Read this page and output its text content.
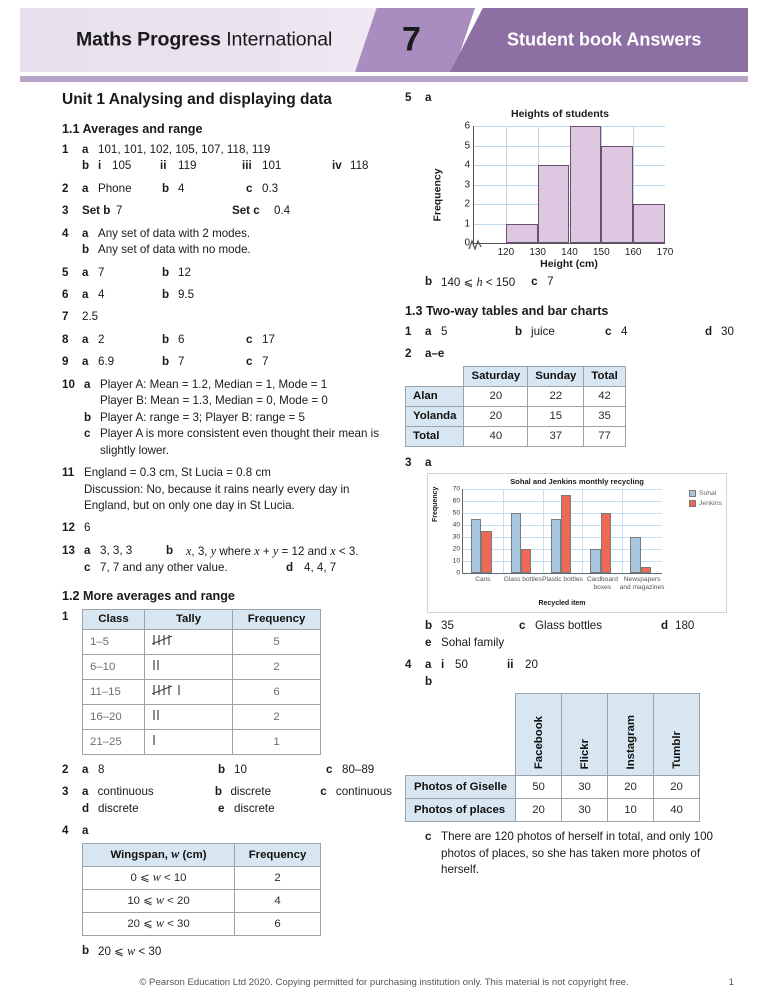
Maths Progress International 7	Student book Answers
Unit 1 Analysing and displaying data
1.1 Averages and range
1	a 101, 101, 102, 105, 107, 118, 119
b i 105	ii 119	iii 101	iv 118
2	a Phone	b 4	c 0.3
3	Set b 7	Set c	0.4
4	a Any set of data with 2 modes.
b Any set of data with no mode.
5	a 7	b 12
6	a 4	b 9.5
7	2.5
8	a 2	b 6	c 17
9	a 6.9	b 7	c 7
10 a Player A: Mean = 1.2, Median = 1, Mode = 1
Player B: Mean = 1.3, Median = 0, Mode = 0
b Player A: range = 3; Player B: range = 5
c Player A is more consistent even thought their mean is slightly lower.
11 England = 0.3 cm, St Lucia = 0.8 cm
Discussion: No, because it rains nearly every day in England, but on only one day in St Lucia.
12 6
13 a 3, 3, 3	b	x, 3, y where x + y = 12 and x < 3.
c 7, 7 and any other value.	d 4, 4, 7
1.2 More averages and range
1	Class	Tally	Frequency
1–5		5
6–10		2
11–15		6
16–20		2
21–25		1
2	a 8	b 10	c 80–89
3	a continuous	b discrete	c continuous
d discrete	e discrete
4	a
Wingspan, w (cm)	Frequency
0 ⩽ w < 10	2
10 ⩽ w < 20	4
20 ⩽ w < 30	6
b 20 ⩽ w < 30
5	a
Heights of students
Frequency
0
1
2
3
4
5
6
120 130 140 150 160 170
Height (cm)
b 140 ⩽ h < 150 c 7
1.3 Two-way tables and bar charts
1	a 5	b juice	c 4	d 30
2	a–e
	Saturday	Sunday	Total
Alan	20	22	42
Yolanda	20	15	35
Total	40	37	77
3	a
Sohal and Jenkins monthly recycling
Frequency
0
10
20
30
40
50
60
70
Cans	Glass bottles Plastic bottles Cardboard boxes
Newspapers and magazines
Recycled item
Sohal
Jenkins
b 35	c Glass bottles	d 180
e Sohal family
4	a i 50	ii 20
b

	Facebook	Flickr	Instagram	Tumblr

Photos of Giselle	50	30	20	20
Photos of places	20	30	10	40
c There are 120 photos of herself in total, and only 100 photos of places, so she has taken more photos of herself.
© Pearson Education Ltd 2020. Copying permitted for purchasing institution only. This material is not copyright free.	1
